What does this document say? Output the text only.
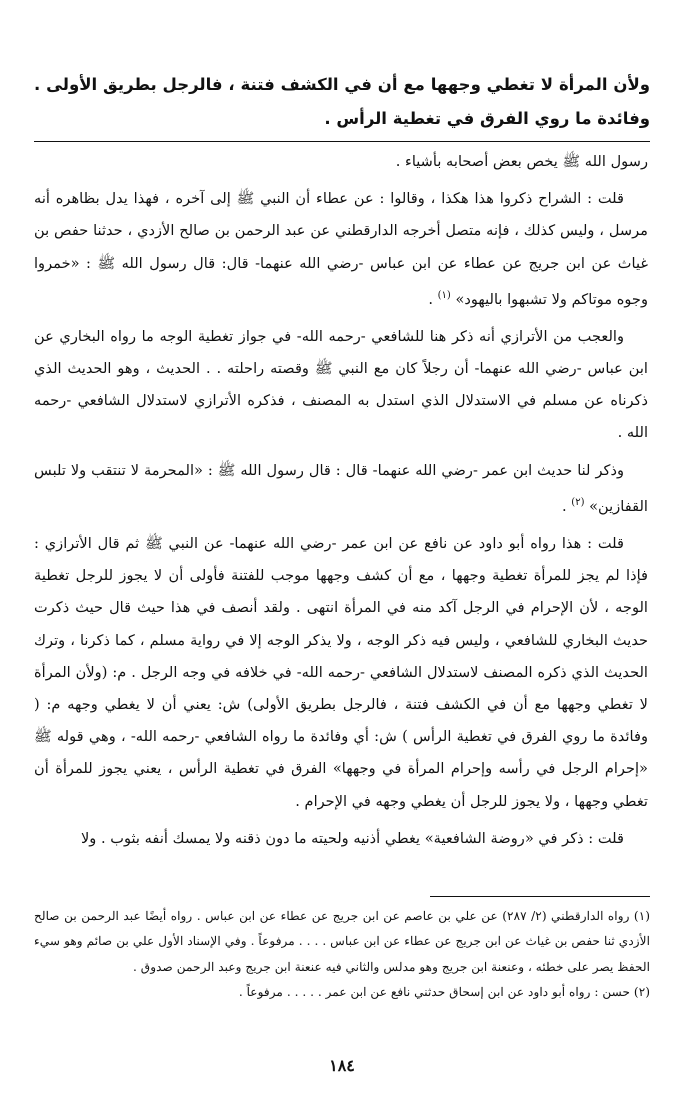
ولأن المرأة لا تغطي وجهها مع أن في الكشف فتنة ، فالرجل بطريق الأولى . وفائدة ما روي الفرق في تغطية الرأس .

رسول الله ﷺ يخص بعض أصحابه بأشياء .

قلت : الشراح ذكروا هذا هكذا ، وقالوا : عن عطاء أن النبي ﷺ إلى آخره ، فهذا يدل بظاهره أنه مرسل ، وليس كذلك ، فإنه متصل أخرجه الدارقطني عن عبد الرحمن بن صالح الأزدي ، حدثنا حفص بن غياث عن ابن جريج عن عطاء عن ابن عباس -رضي الله عنهما- قال: قال رسول الله ﷺ : «خمروا وجوه موتاكم ولا تشبهوا باليهود» $^{(١)}$ .

والعجب من الأترازي أنه ذكر هنا للشافعي -رحمه الله- في جواز تغطية الوجه ما رواه البخاري عن ابن عباس -رضي الله عنهما- أن رجلاً كان مع النبي ﷺ وقصته راحلته . . الحديث ، وهو الحديث الذي ذكرناه عن مسلم في الاستدلال الذي استدل به المصنف ، فذكره الأترازي لاستدلال الشافعي -رحمه الله .

وذكر لنا حديث ابن عمر -رضي الله عنهما- قال : قال رسول الله ﷺ : «المحرمة لا تنتقب ولا تلبس القفازين» $^{(٢)}$ .

قلت : هذا رواه أبو داود عن نافع عن ابن عمر -رضي الله عنهما- عن النبي ﷺ ثم قال الأترازي : فإذا لم يجز للمرأة تغطية وجهها ، مع أن كشف وجهها موجب للفتنة فأولى أن لا يجوز للرجل تغطية الوجه ، لأن الإحرام في الرجل آكد منه في المرأة انتهى . ولقد أنصف في هذا حيث قال حيث ذكرت حديث البخاري للشافعي ، وليس فيه ذكر الوجه ، ولا يذكر الوجه إلا في رواية مسلم ، كما ذكرنا ، وترك الحديث الذي ذكره المصنف لاستدلال الشافعي -رحمه الله- في خلافه في وجه الرجل . م: (ولأن المرأة لا تغطي وجهها مع أن في الكشف فتنة ، فالرجل بطريق الأولى) ش: يعني أن لا يغطي وجهه م: ( وفائدة ما روي الفرق في تغطية الرأس ) ش: أي وفائدة ما رواه الشافعي -رحمه الله- ، وهي قوله ﷺ «إحرام الرجل في رأسه وإحرام المرأة في وجهها» الفرق في تغطية الرأس ، يعني يجوز للمرأة أن تغطي وجهها ، ولا يجوز للرجل أن يغطي وجهه في الإحرام .

قلت : ذكر في «روضة الشافعية» يغطي أذنيه ولحيته ما دون ذقنه ولا يمسك أنفه بثوب . ولا

(١) رواه الدارقطني (٢/ ٢٨٧) عن علي بن عاصم عن ابن جريج عن عطاء عن ابن عباس . رواه أيضًا عبد الرحمن بن صالح الأزدي ثنا حفص بن غياث عن ابن جريج عن عطاء عن ابن عباس . . . . مرفوعاً . وفي الإسناد الأول علي بن صائم وهو سيء الحفظ يصر على خطئه ، وعنعنة ابن جريج وهو مدلس والثاني فيه عنعنة ابن جريج وعبد الرحمن صدوق .

(٢) حسن : رواه أبو داود عن ابن إسحاق حدثني نافع عن ابن عمر . . . . . مرفوعاً .

١٨٤
